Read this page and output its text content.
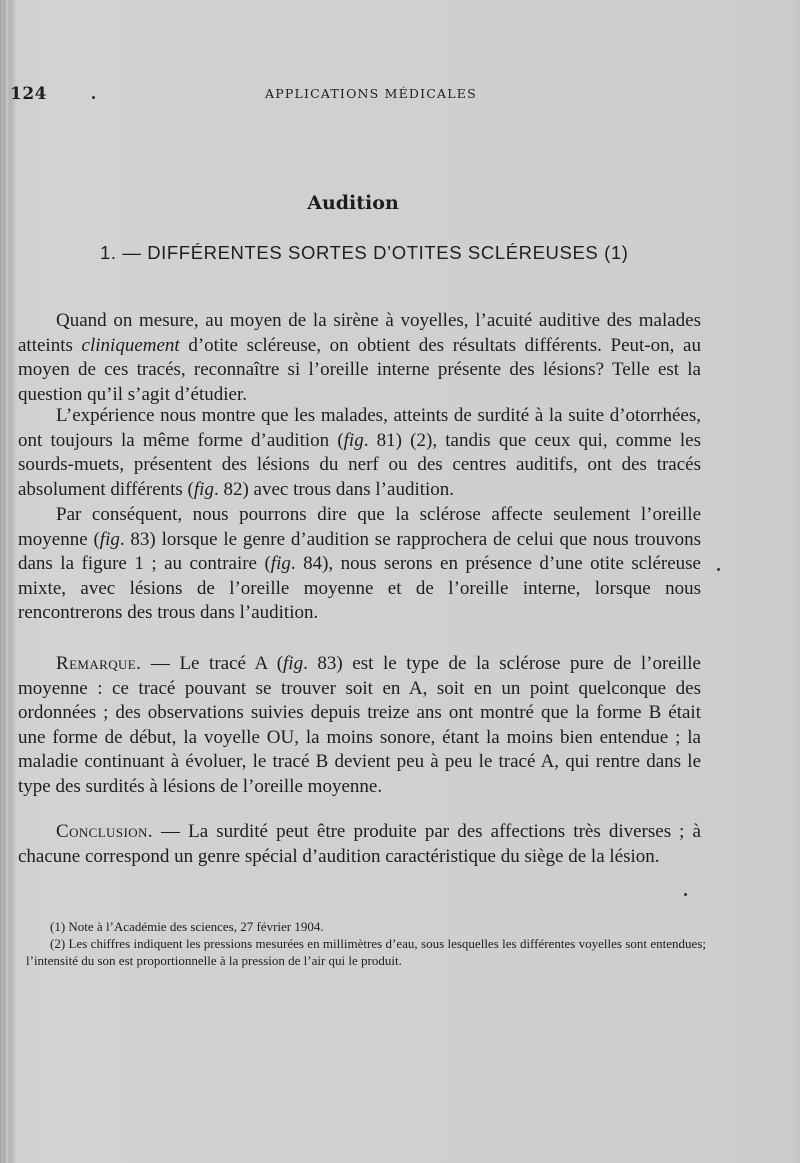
124	APPLICATIONS MÉDICALES
Audition
1. — DIFFÉRENTES SORTES D’OTITES SCLÉREUSES (1)

Quand on mesure, au moyen de la sirène à voyelles, l’acuité auditive des malades atteints cliniquement d’otite scléreuse, on obtient des résultats différents. Peut-on, au moyen de ces tracés, reconnaître si l’oreille interne présente des lésions? Telle est la question qu’il s’agit d’étudier.

L’expérience nous montre que les malades, atteints de surdité à la suite d’otorrhées, ont toujours la même forme d’audition (fig. 81) (2), tandis que ceux qui, comme les sourds-muets, présentent des lésions du nerf ou des centres auditifs, ont des tracés absolument différents (fig. 82) avec trous dans l’audition.

Par conséquent, nous pourrons dire que la sclérose affecte seulement l’oreille moyenne (fig. 83) lorsque le genre d’audition se rapprochera de celui que nous trouvons dans la figure 1 ; au contraire (fig. 84), nous serons en présence d’une otite scléreuse mixte, avec lésions de l’oreille moyenne et de l’oreille interne, lorsque nous rencontrerons des trous dans l’audition.

Remarque. — Le tracé A (fig. 83) est le type de la sclérose pure de l’oreille moyenne : ce tracé pouvant se trouver soit en A, soit en un point quelconque des ordonnées ; des observations suivies depuis treize ans ont montré que la forme B était une forme de début, la voyelle OU, la moins sonore, étant la moins bien entendue ; la maladie continuant à évoluer, le tracé B devient peu à peu le tracé A, qui rentre dans le type des surdités à lésions de l’oreille moyenne.

Conclusion. — La surdité peut être produite par des affections très diverses ; à chacune correspond un genre spécial d’audition caractéristique du siège de la lésion.

(1) Note à l’Académie des sciences, 27 février 1904.

(2) Les chiffres indiquent les pressions mesurées en millimètres d’eau, sous lesquelles les différentes voyelles sont entendues; l’intensité du son est proportionnelle à la pression de l’air qui le produit.
